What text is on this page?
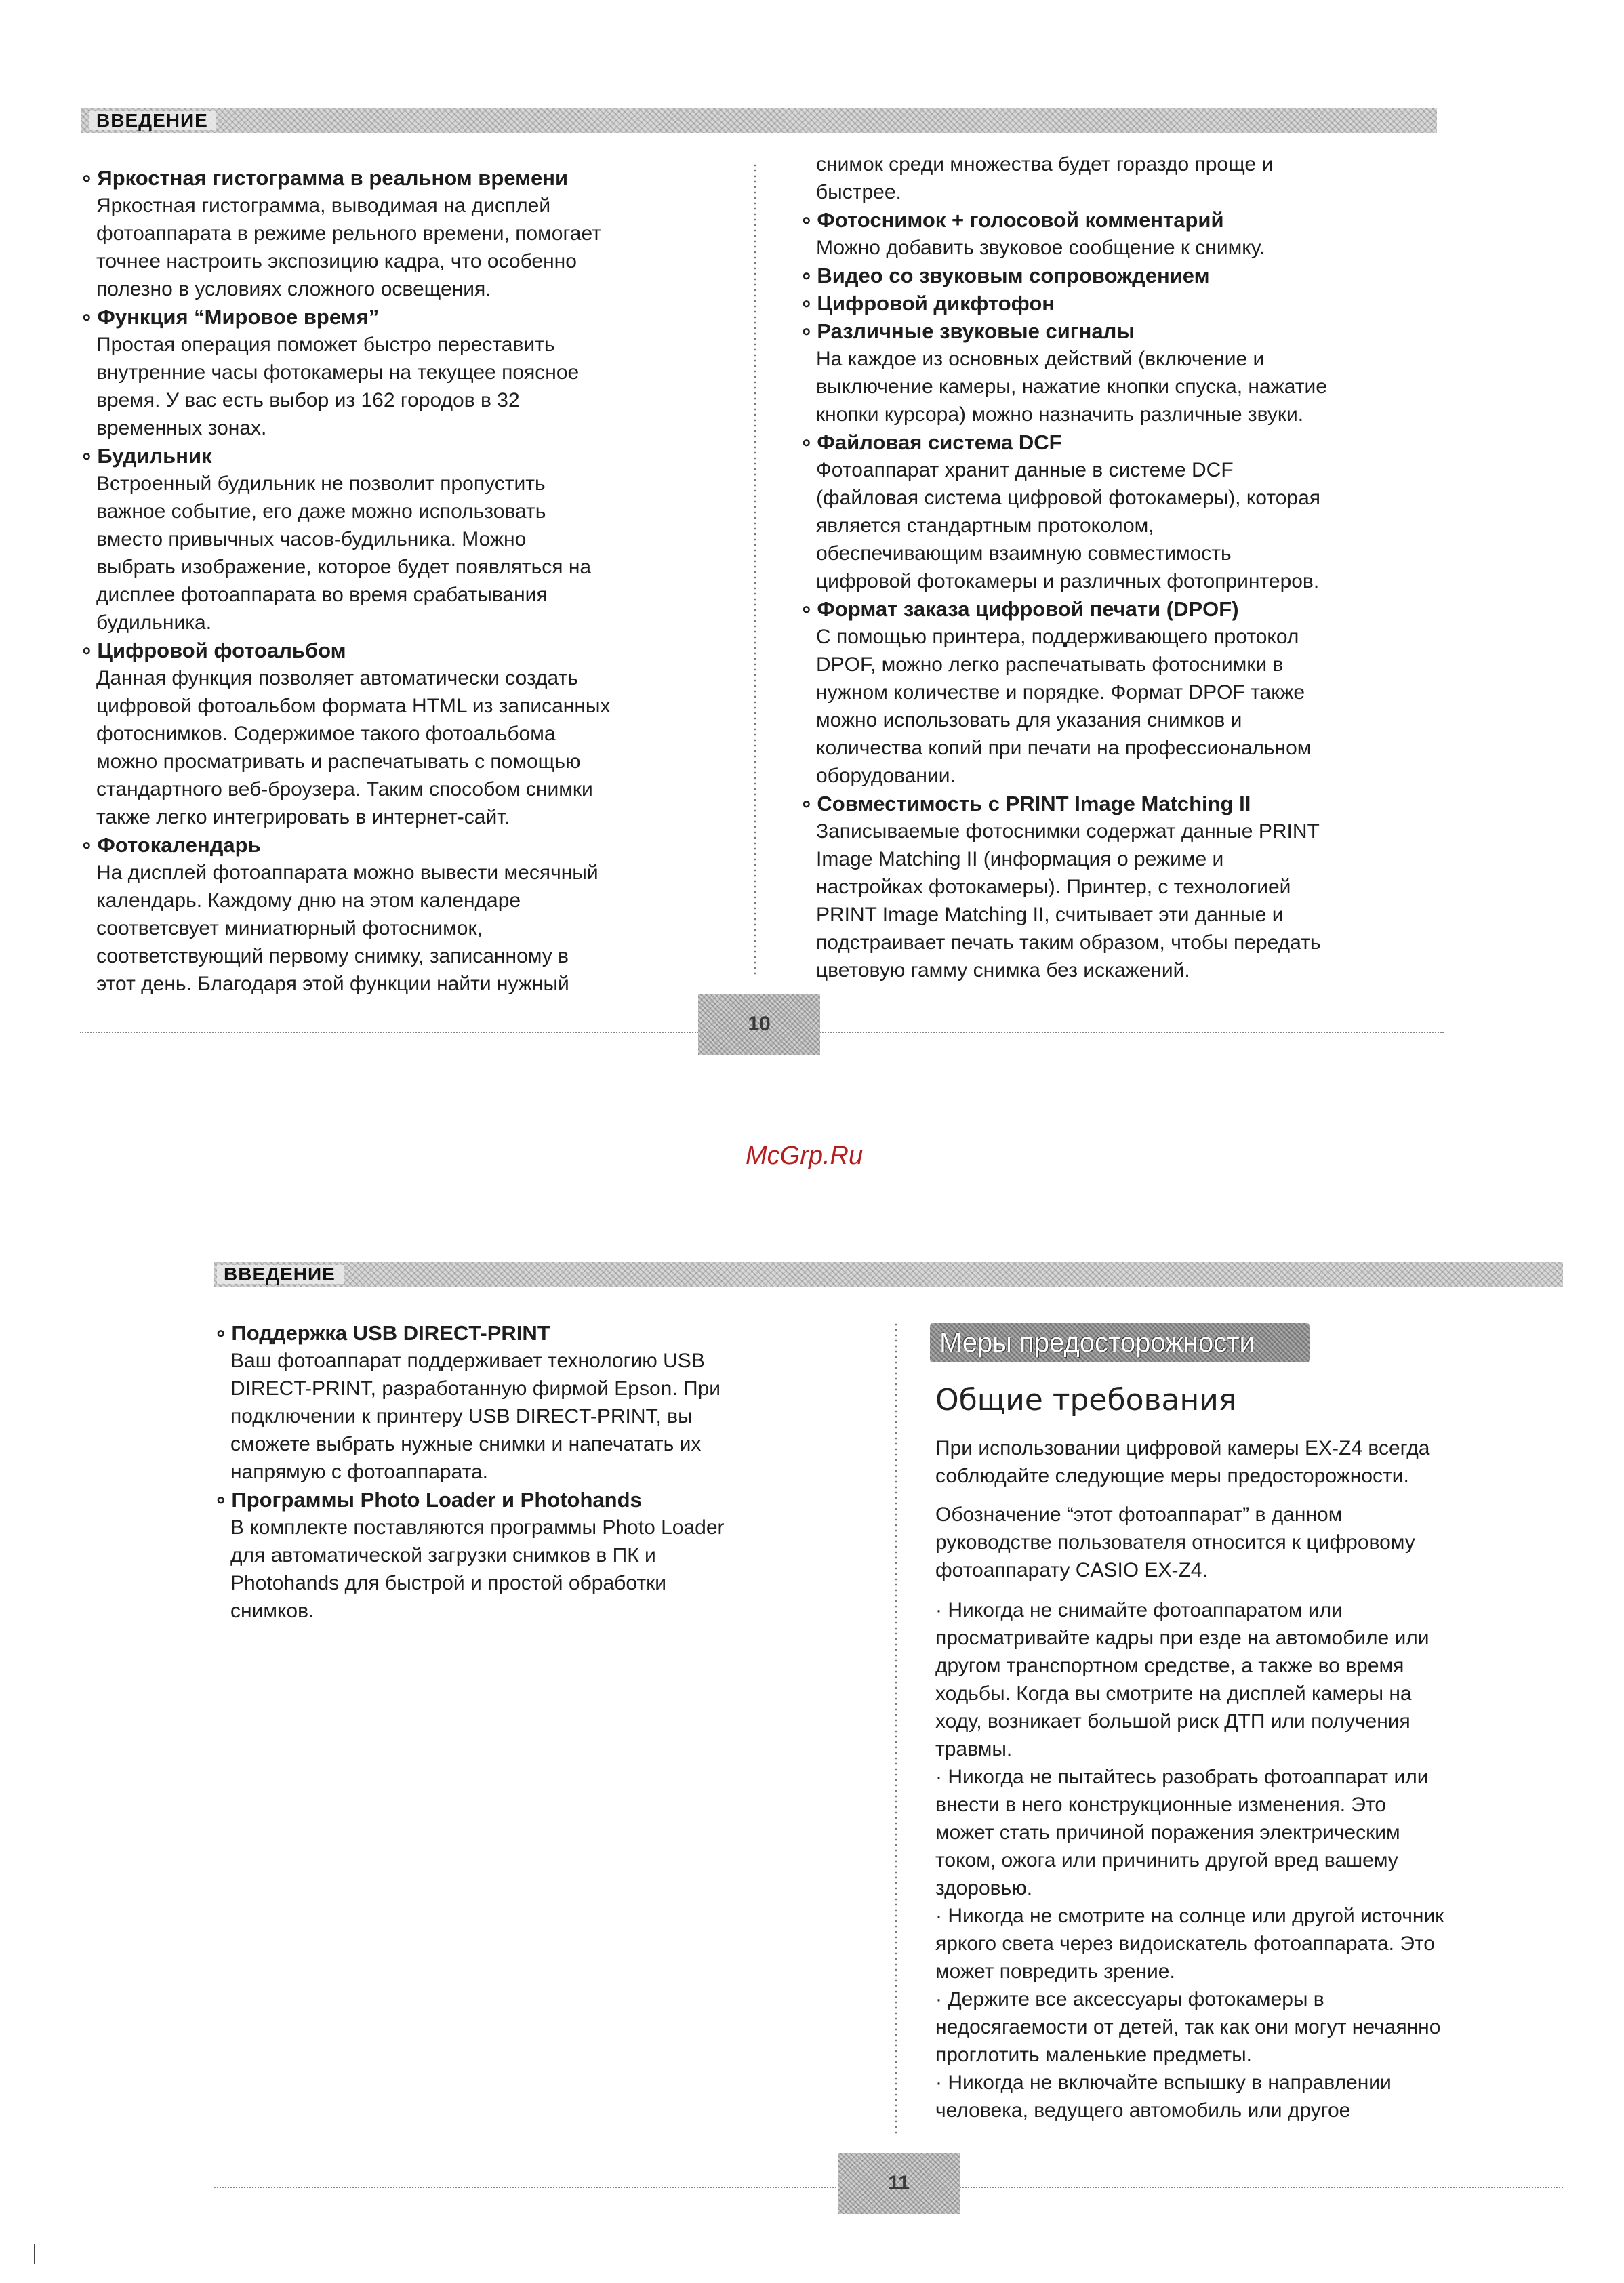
ВВЕДЕНИЕ

∘ Яркостная гистограмма в реальном времени

Яркостная гистограмма, выводимая на дисплей

фотоаппарата в режиме рельного времени, помогает

точнее настроить экспозицию кадра, что особенно

полезно в условиях сложного освещения.

∘ Функция “Мировое время”

Простая операция поможет быстро переставить

внутренние часы фотокамеры на текущее поясное

время. У вас есть выбор из 162 городов в 32

временных зонах.

∘ Будильник

Встроенный будильник не позволит пропустить

важное событие, его даже можно использовать

вместо привычных часов-будильника. Можно

выбрать изображение, которое будет появляться на

дисплее фотоаппарата во время срабатывания

будильника.

∘ Цифровой фотоальбом

Данная функция позволяет автоматически создать

цифровой фотоальбом формата HTML из записанных

фотоснимков. Содержимое такого фотоальбома

можно просматривать и распечатывать с помощью

стандартного веб-броузера. Таким способом снимки

также легко интегрировать в интернет-сайт.

∘ Фотокалендарь

На дисплей фотоаппарата можно вывести месячный

календарь. Каждому дню на этом календаре

соответсвует миниатюрный фотоснимок,

соответствующий первому снимку, записанному в

этот день. Благодаря этой функции найти нужный

снимок среди множества будет гораздо проще и

быстрее.

∘ Фотоснимок + голосовой комментарий

Можно добавить звуковое сообщение к снимку.

∘ Видео со звуковым сопровождением

∘ Цифровой дикфтофон

∘ Различные звуковые сигналы

На каждое из основных действий (включение и

выключение камеры, нажатие кнопки спуска, нажатие

кнопки курсора) можно назначить различные звуки.

∘ Файловая система DCF

Фотоаппарат хранит данные в системе DCF

(файловая система цифровой фотокамеры), которая

является стандартным протоколом,

обеспечивающим взаимную совместимость

цифровой фотокамеры и различных фотопринтеров.

∘ Формат заказа цифровой печати (DPOF)

С помощью принтера, поддерживающего протокол

DPOF, можно легко распечатывать фотоснимки в

нужном количестве и порядке. Формат DPOF также

можно использовать для указания снимков и

количества копий при печати на профессиональном

оборудовании.

∘ Совместимость с PRINT Image Matching II

Записываемые фотоснимки содержат данные PRINT

Image Matching II (информация о режиме и

настройках фотокамеры). Принтер, с технологией

PRINT Image Matching II, считывает эти данные и

подстраивает печать таким образом, чтобы передать

цветовую гамму снимка без искажений.

10
McGrp.Ru
ВВЕДЕНИЕ

∘ Поддержка USB DIRECT-PRINT

Ваш фотоаппарат поддерживает технологию USB

DIRECT-PRINT, разработанную фирмой Epson. При

подключении к принтеру USB DIRECT-PRINT, вы

сможете выбрать нужные снимки и напечатать их

напрямую с фотоаппарата.

∘ Программы Photo Loader и Photohands

В комплекте поставляются программы Photo Loader

для автоматической загрузки снимков в ПК и

Photohands для быстрой и простой обработки

снимков.

Меры предосторожности
Общие требования

При использовании цифровой камеры EX-Z4 всегда

соблюдайте следующие меры предосторожности.

Обозначение “этот фотоаппарат” в данном

руководстве пользователя относится к цифровому

фотоаппарату CASIO EX-Z4.

· Никогда не снимайте фотоаппаратом или

просматривайте кадры при езде на автомобиле или

другом транспортном средстве, а также во время

ходьбы. Когда вы смотрите на дисплей камеры на

ходу, возникает большой риск ДТП или получения

травмы.

· Никогда не пытайтесь разобрать фотоаппарат или

внести в него конструкционные изменения. Это

может стать причиной поражения электрическим

током, ожога или причинить другой вред вашему

здоровью.

· Никогда не смотрите на солнце или другой источник

яркого света через видоискатель фотоаппарата. Это

может повредить зрение.

· Держите все аксессуары фотокамеры в

недосягаемости от детей, так как они могут нечаянно

проглотить маленькие предметы.

· Никогда не включайте вспышку в направлении

человека, ведущего автомобиль или другое

11
